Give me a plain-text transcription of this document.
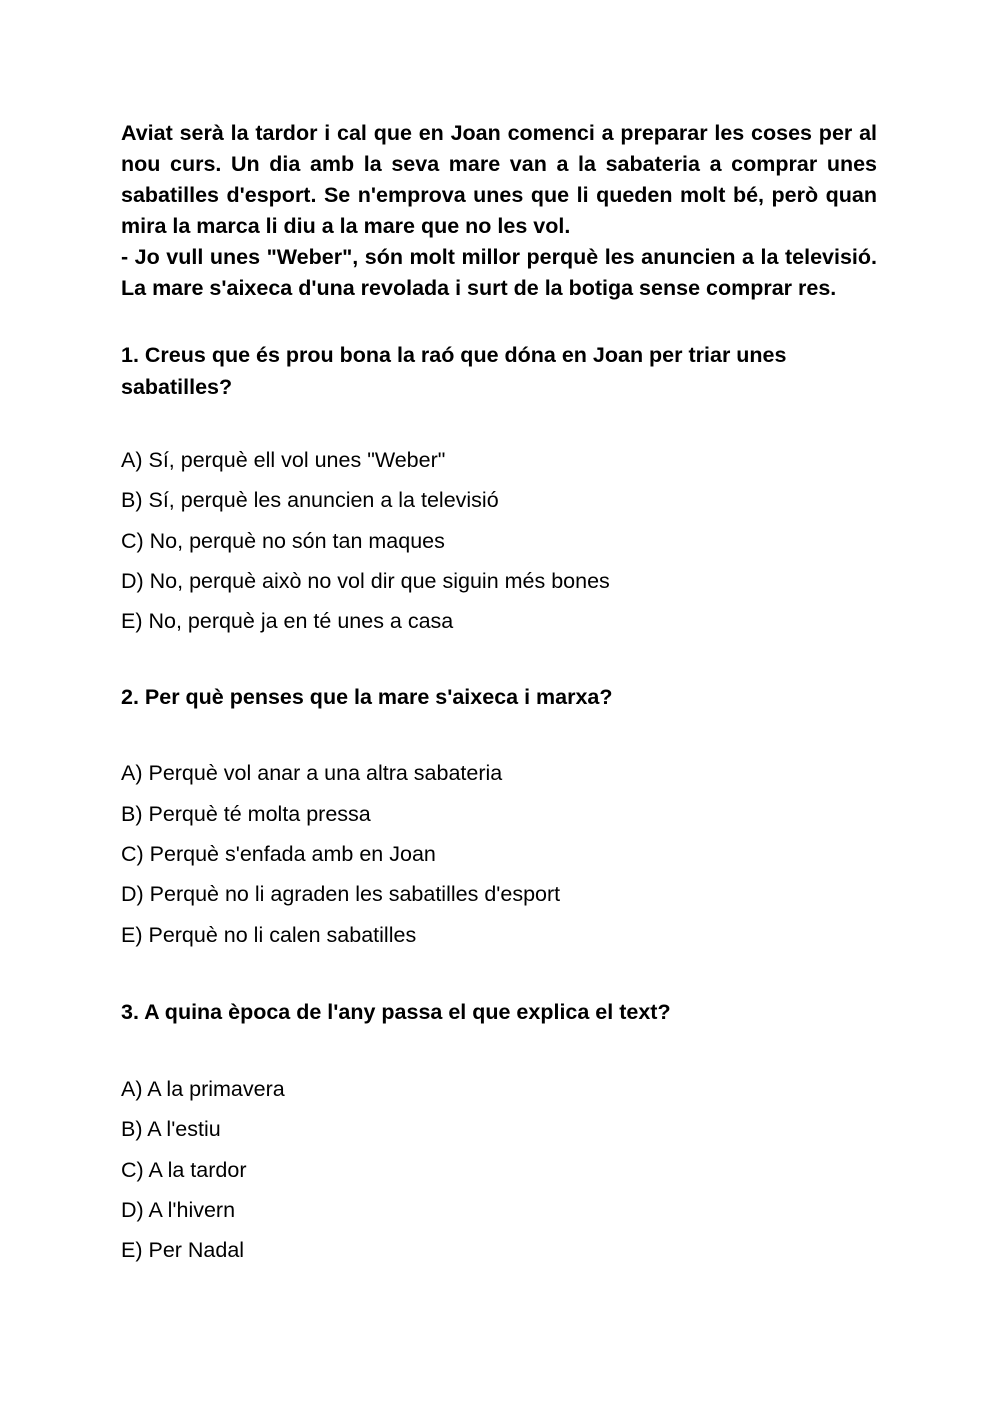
Aviat serà la tardor i cal que en Joan comenci a preparar les coses per al nou curs. Un dia amb la seva mare van a la sabateria a comprar unes sabatilles d'esport. Se n'emprova unes que li queden molt bé, però quan mira la marca li diu a la mare que no les vol.

- Jo vull unes "Weber", són molt millor perquè les anuncien a la televisió. La mare s'aixeca d'una revolada i surt de la botiga sense comprar res.

1. Creus que és prou bona la raó que dóna en Joan per triar unes sabatilles?

A) Sí, perquè ell vol unes "Weber"
B) Sí, perquè les anuncien a la televisió
C) No, perquè no són tan maques
D) No, perquè això no vol dir que siguin més bones
E) No, perquè ja en té unes a casa

2. Per què penses que la mare s'aixeca i marxa?

A) Perquè vol anar a una altra sabateria
B) Perquè té molta pressa
C) Perquè s'enfada amb en Joan
D) Perquè no li agraden les sabatilles d'esport
E) Perquè no li calen sabatilles

3. A quina època de l'any passa el que explica el text?

A) A la primavera
B) A l'estiu
C) A la tardor
D) A l'hivern
E) Per Nadal
